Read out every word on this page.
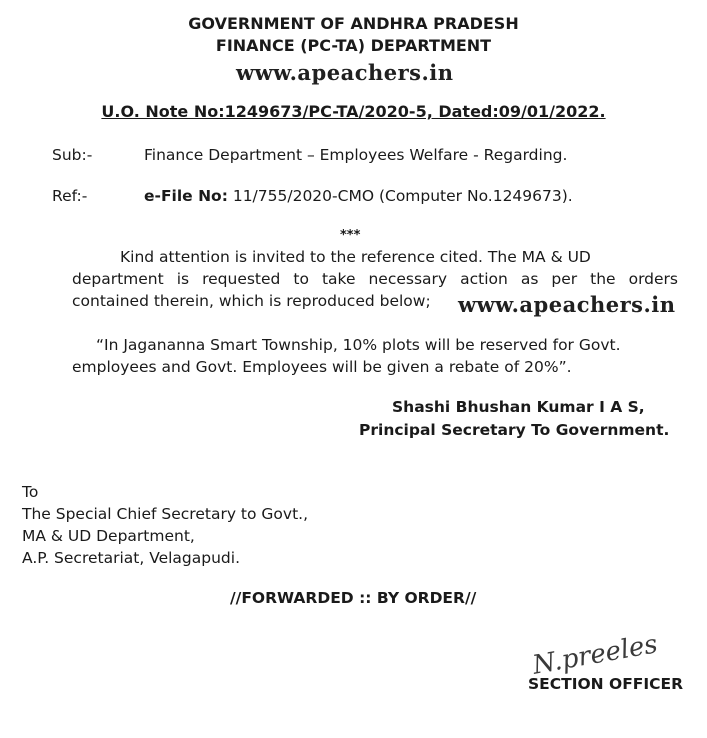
GOVERNMENT OF ANDHRA PRADESH
FINANCE (PC-TA) DEPARTMENT
www.apeachers.in
U.O. Note No:1249673/PC-TA/2020-5, Dated:09/01/2022.
Sub:-	Finance Department – Employees Welfare - Regarding.
Ref:-	e-File No: 11/755/2020-CMO (Computer No.1249673).
***
Kind attention is invited to the reference cited. The MA & UD
department is requested to take necessary action as per the orders
contained therein, which is reproduced below; www.apeachers.in
“In Jagananna Smart Township, 10% plots will be reserved for Govt.
employees and Govt. Employees will be given a rebate of 20%”.
Shashi Bhushan Kumar I A S,
Principal Secretary To Government.
To
The Special Chief Secretary to Govt.,
MA & UD Department,
A.P. Secretariat, Velagapudi.
//FORWARDED :: BY ORDER//
N.preeles
SECTION OFFICER
